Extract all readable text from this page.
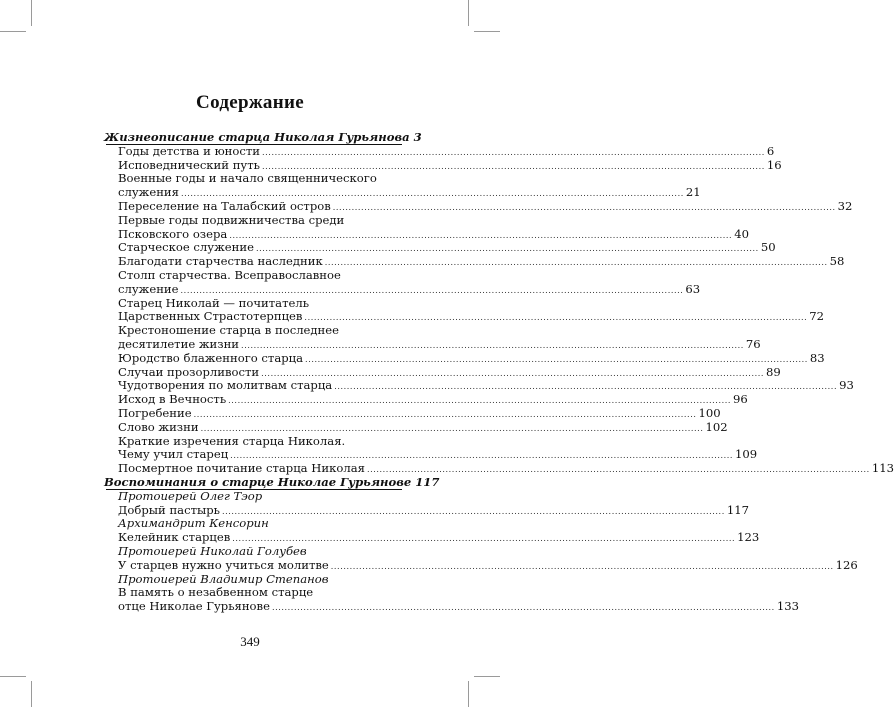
Содержание
Жизнеописание старца Николая Гурьянова 3
Годы детства и юности ................................................................................................................................................................ 6
Исповеднический путь ................................................................................................................................................................ 16
Военные годы и начало священнического
служения ................................................................................................................................................................ 21
Переселение на Талабский остров ................................................................................................................................................................ 32
Первые годы подвижничества среди
Псковского озера ................................................................................................................................................................ 40
Старческое служение ................................................................................................................................................................ 50
Благодати старчества наследник ................................................................................................................................................................ 58
Столп старчества. Всеправославное
служение ................................................................................................................................................................ 63
Старец Николай — почитатель
Царственных Страстотерпцев ................................................................................................................................................................ 72
Крестоношение старца в последнее
десятилетие жизни ................................................................................................................................................................ 76
Юродство блаженного старца ................................................................................................................................................................ 83
Случаи прозорливости ................................................................................................................................................................ 89
Чудотворения по молитвам старца ................................................................................................................................................................ 93
Исход в Вечность ................................................................................................................................................................ 96
Погребение ................................................................................................................................................................ 100
Слово жизни ................................................................................................................................................................ 102
Краткие изречения старца Николая.
Чему учил старец ................................................................................................................................................................ 109
Посмертное почитание старца Николая ................................................................................................................................................................ 113
Воспоминания о старце Николае Гурьянове 117
Протоиерей Олег Тэор
Добрый пастырь ................................................................................................................................................................ 117
Архимандрит Кенсорин
Келейник старцев ................................................................................................................................................................ 123
Протоиерей Николай Голубев
У старцев нужно учиться молитве ................................................................................................................................................................ 126
Протоиерей Владимир Степанов
В память о незабвенном старце
отце Николае Гурьянове ................................................................................................................................................................ 133
349
